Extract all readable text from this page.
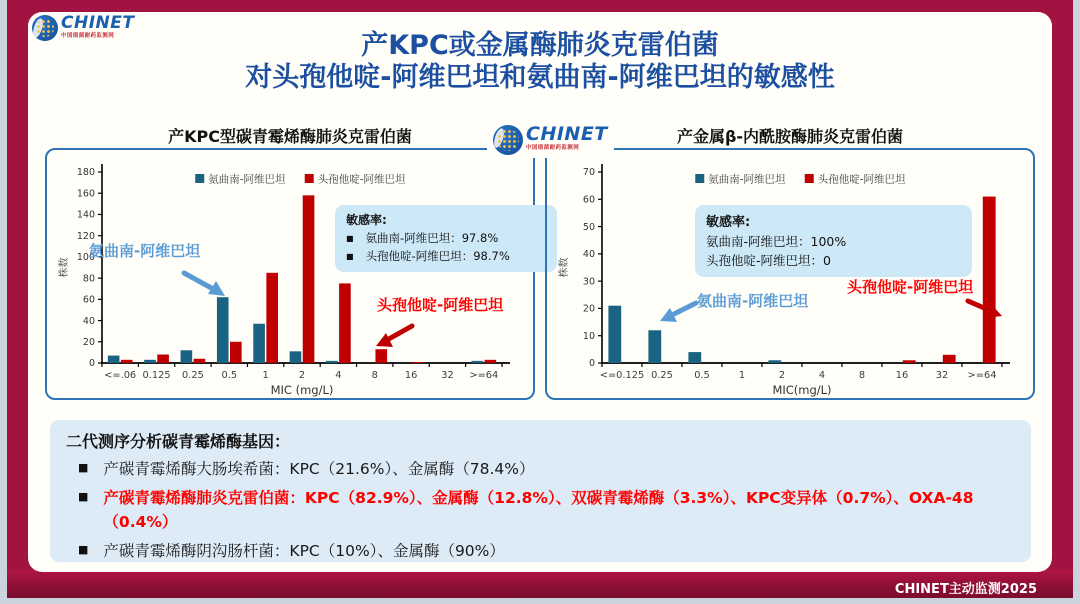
CHINET
中国细菌耐药监测网	产KPC或金属酶肺炎克雷伯菌
对头孢他啶-阿维巴坦和氨曲南-阿维巴坦的敏感性
产KPC型碳青霉烯酶肺炎克雷伯菌	产金属β-内酰胺酶肺炎克雷伯菌
0
20
40
60
80
100
120
140
160
180
<=.06 0.125 0.25 0.5	1	2	4	8	16 32 >=64
MIC (mg/L)
株数
氨曲南-阿维巴坦	头孢他啶-阿维巴坦
敏感率:
■ 氨曲南-阿维巴坦：97.8%
■ 头孢他啶-阿维巴坦：98.7%
氨曲南-阿维巴坦
头孢他啶-阿维巴坦
0
10
20
30
40
50
60
70
<=0.125 0.25 0.5	1	2	4	8	16	32 >=64
MIC(mg/L)
株数
氨曲南-阿维巴坦	头孢他啶-阿维巴坦
敏感率:
氨曲南-阿维巴坦：100%
头孢他啶-阿维巴坦：0
氨曲南-阿维巴坦
头孢他啶-阿维巴坦
CHINET
中国细菌耐药监测网
二代测序分析碳青霉烯酶基因：
■ 产碳青霉烯酶大肠埃希菌：KPC（21.6%）、金属酶（78.4%）
■ 产碳青霉烯酶肺炎克雷伯菌：KPC（82.9%）、金属酶（12.8%）、双碳青霉烯酶（3.3%）、KPC变异体（0.7%）、OXA-48（0.4%）
■ 产碳青霉烯酶阴沟肠杆菌：KPC（10%）、金属酶（90%）
CHINET主动监测2025
